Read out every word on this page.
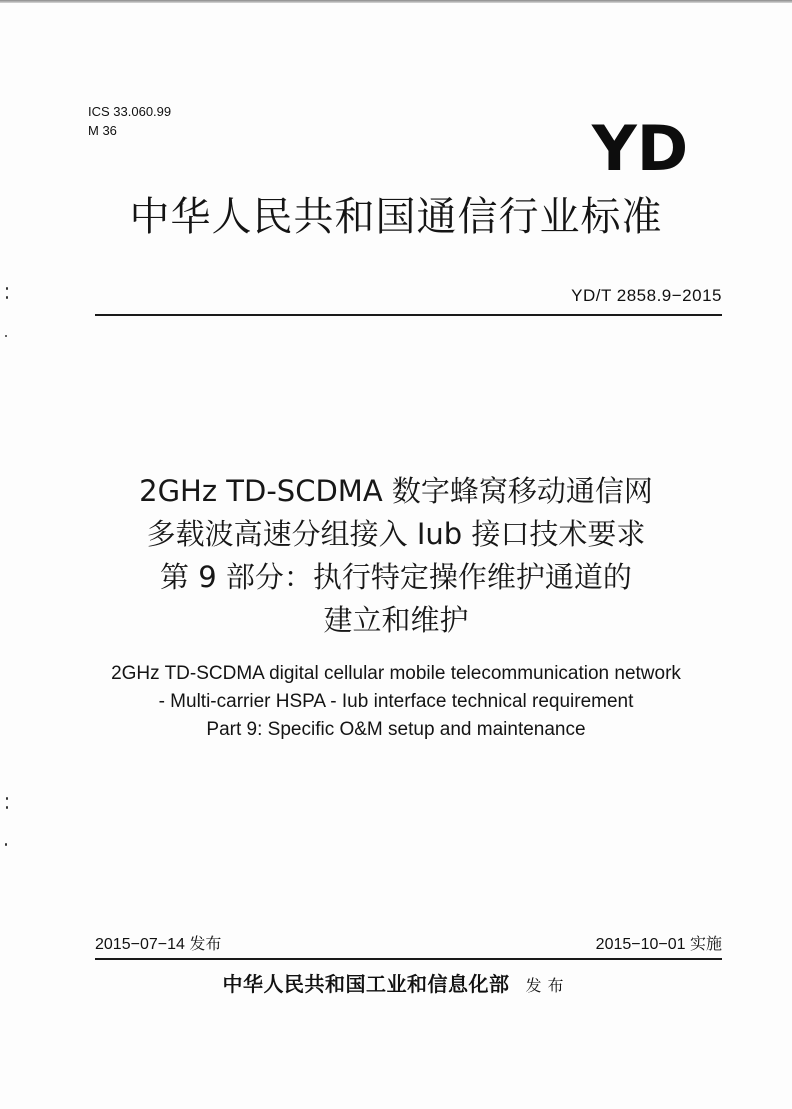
ICS 33.060.99
M 36	YD
中华人民共和国通信行业标准
YD/T 2858.9−2015
2GHz TD-SCDMA 数字蜂窝移动通信网
多载波高速分组接入 Iub 接口技术要求
第 9 部分：执行特定操作维护通道的
建立和维护
2GHz TD-SCDMA digital cellular mobile telecommunication network
- Multi-carrier HSPA - Iub interface technical requirement
Part 9: Specific O&M setup and maintenance
2015−07−14 发布	2015−10−01 实施
中华人民共和国工业和信息化部 发布
